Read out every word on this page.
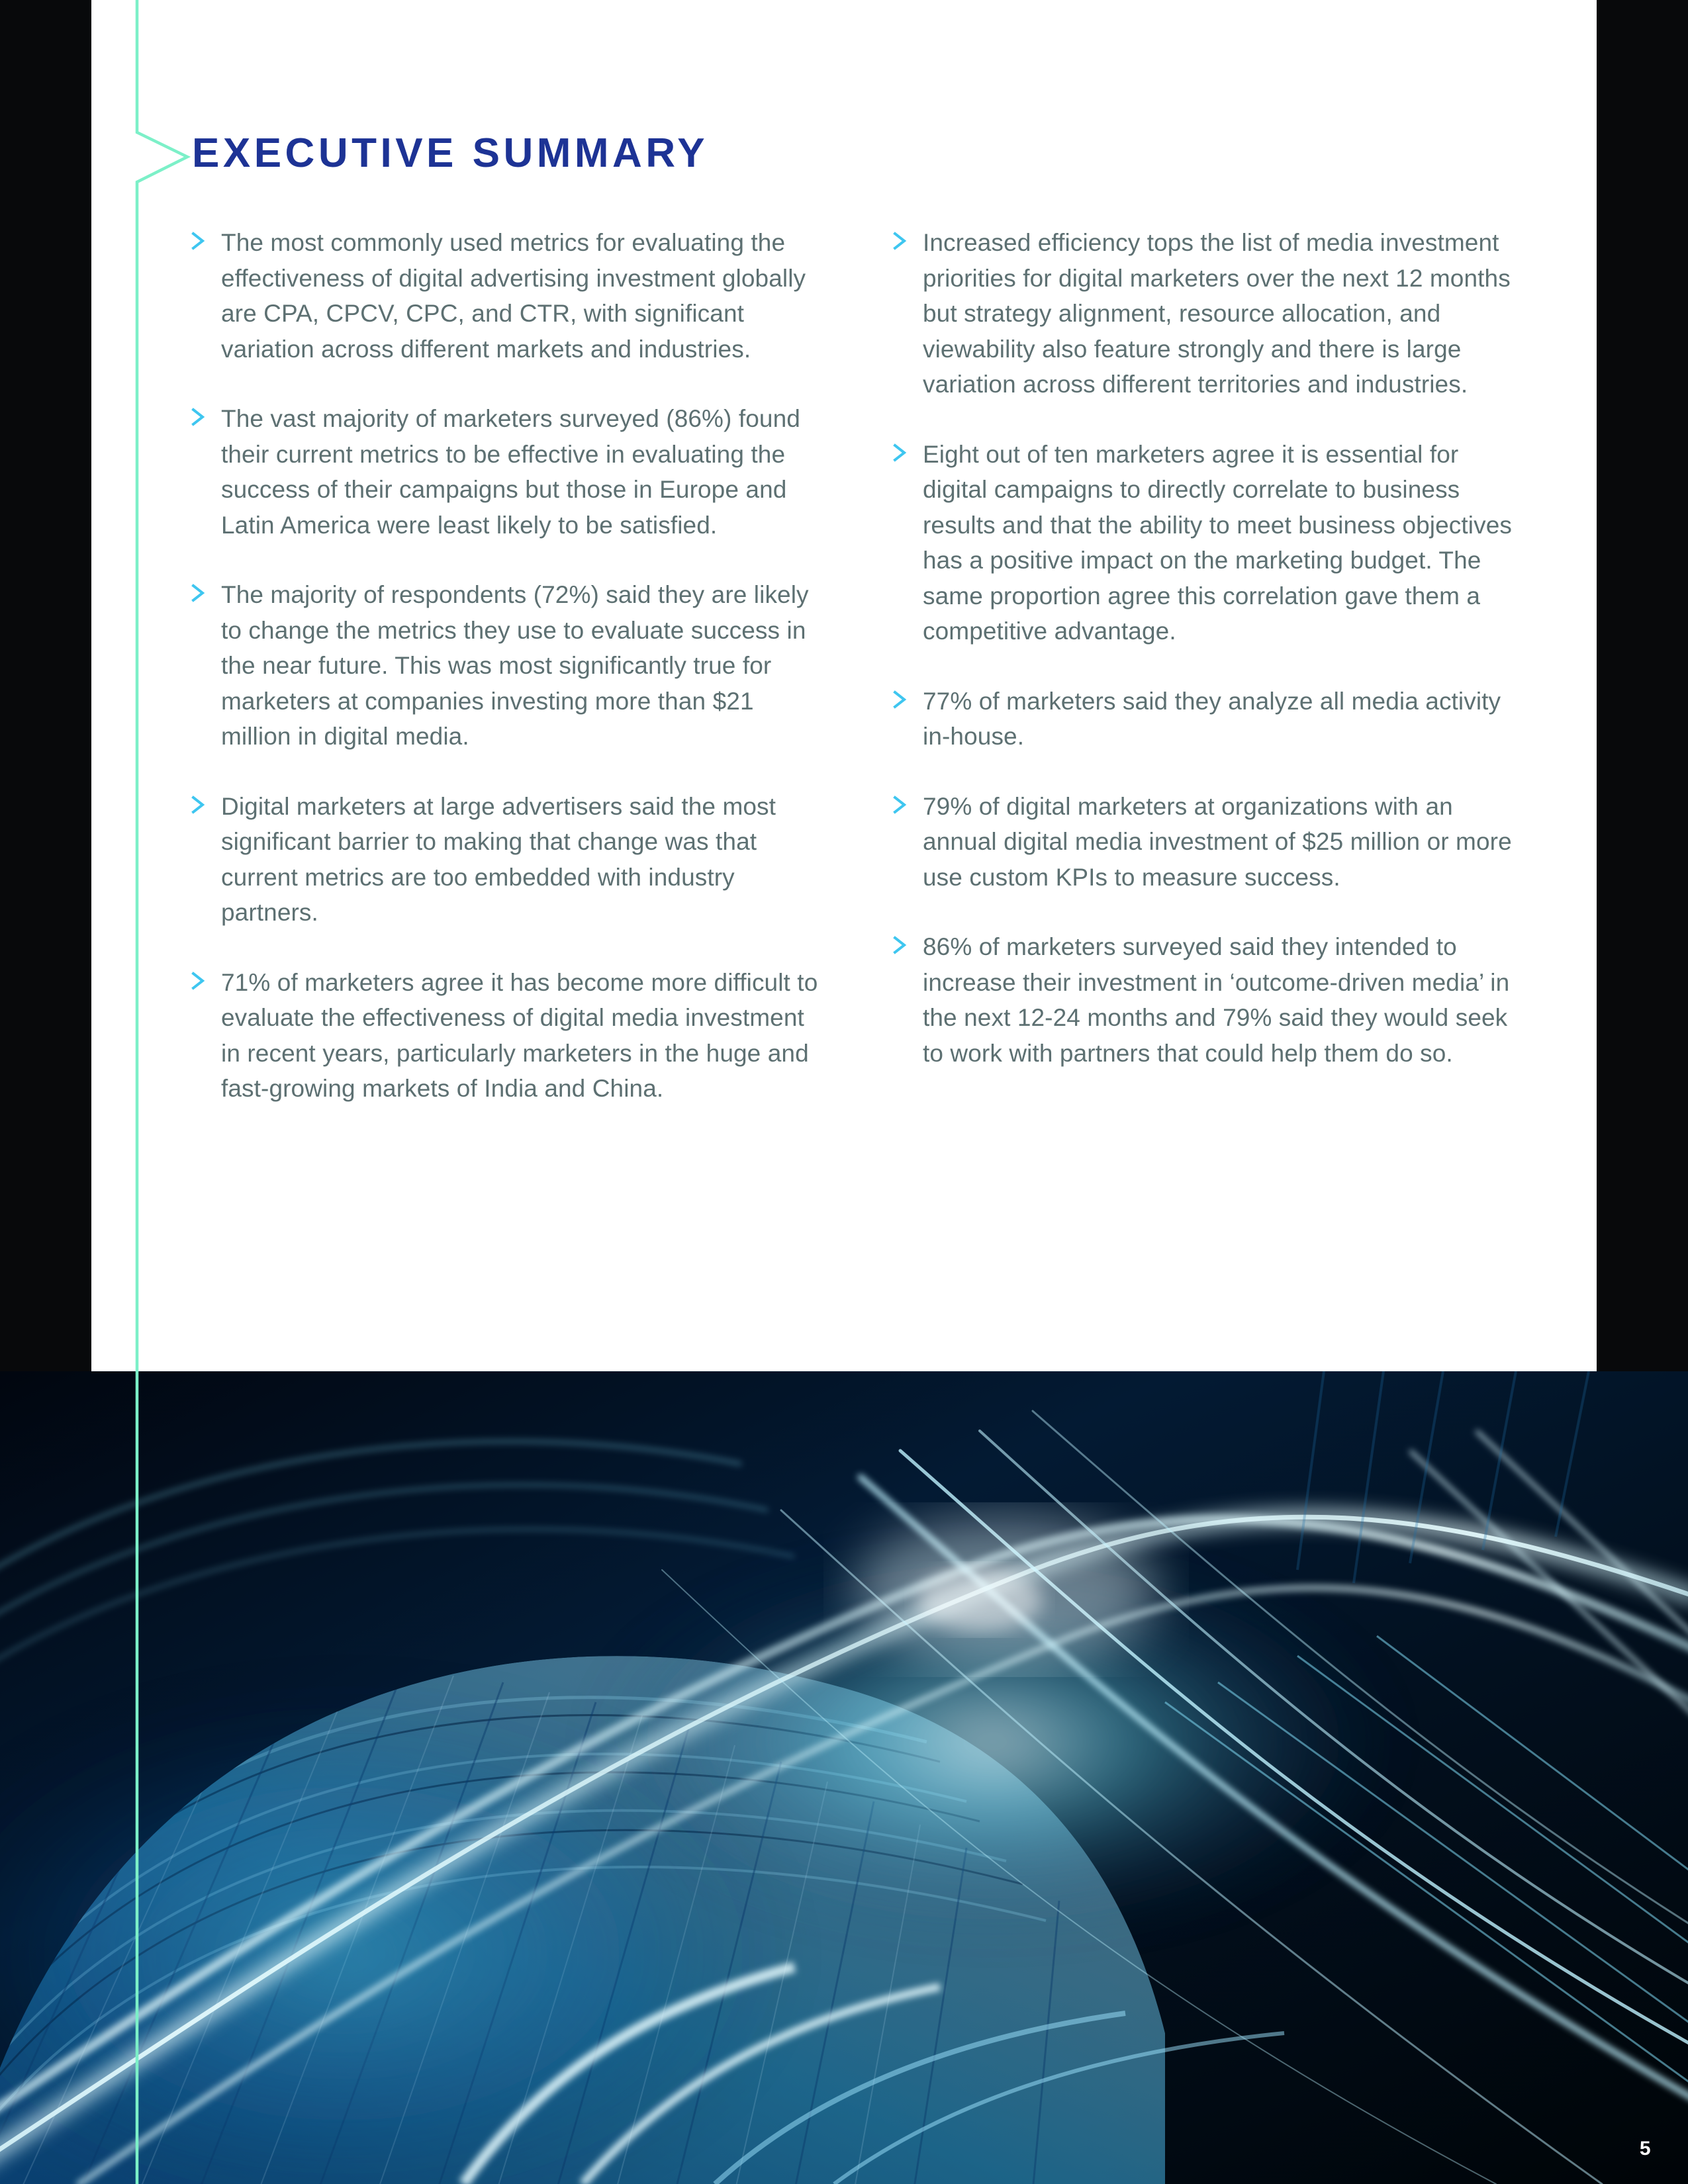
EXECUTIVE SUMMARY
The most commonly used metrics for evaluating the effectiveness of digital advertising investment globally are CPA, CPCV, CPC, and CTR, with significant variation across different markets and industries.
The vast majority of marketers surveyed (86%) found their current metrics to be effective in evaluating the success of their campaigns but those in Europe and Latin America were least likely to be satisfied.
The majority of respondents (72%) said they are likely to change the metrics they use to evaluate success in the near future. This was most significantly true for marketers at companies investing more than $21 million in digital media.
Digital marketers at large advertisers said the most significant barrier to making that change was that current metrics are too embedded with industry partners.
71% of marketers agree it has become more difficult to evaluate the effectiveness of digital media investment in recent years, particularly marketers in the huge and fast-growing markets of India and China.
Increased efficiency tops the list of media investment priorities for digital marketers over the next 12 months but strategy alignment, resource allocation, and viewability also feature strongly and there is large variation across different territories and industries.
Eight out of ten marketers agree it is essential for digital campaigns to directly correlate to business results and that the ability to meet business objectives has a positive impact on the marketing budget. The same proportion agree this correlation gave them a competitive advantage.
77% of marketers said they analyze all media activity in-house.
79% of digital marketers at organizations with an annual digital media investment of $25 million or more use custom KPIs to measure success.
86% of marketers surveyed said they intended to increase their investment in ‘outcome-driven media’ in the next 12-24 months and 79% said they would seek to work with partners that could help them do so.
5
